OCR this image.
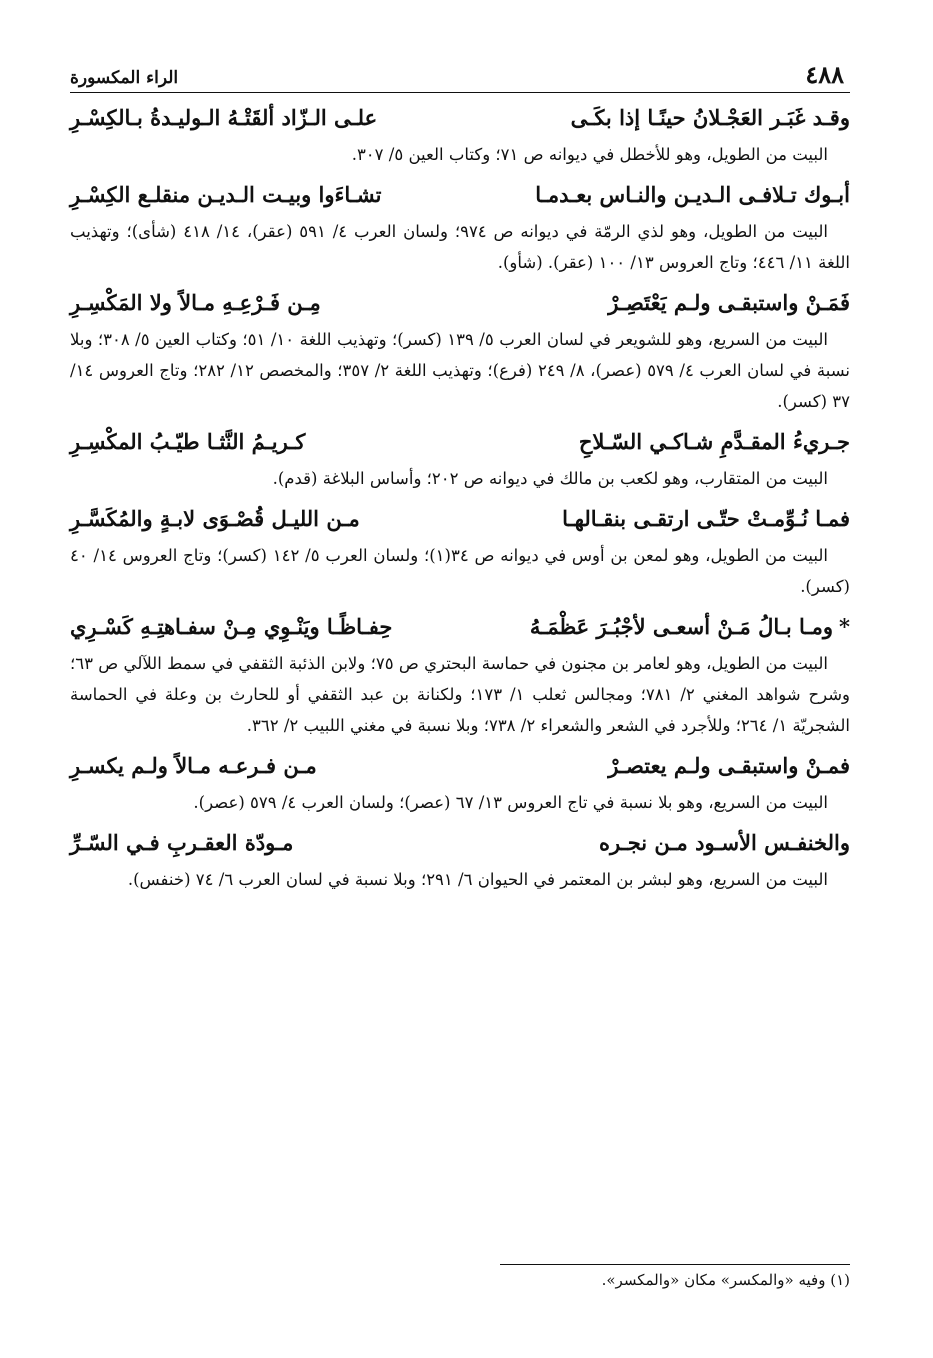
٤٨٨
الراء المكسورة
وقـد غَبَـر العَجْـلانُ حينًـا إذا بكَـى
علـى الـزّاد ألقَتْـهُ الـوليـدةُ بـالكِسْـرِ

البيت من الطويل، وهو للأخطل في ديوانه ص ٧١؛ وكتاب العين ٥/ ٣٠٧.

أبـوك تـلافـى الـديـن والنـاس بعـدمـا
تشـاءَوا وبيـت الـديـن منقلـع الكِسْـرِ

البيت من الطويل، وهو لذي الرمّة في ديوانه ص ٩٧٤؛ ولسان العرب ٤/ ٥٩١ (عقر)، ١٤/ ٤١٨ (شأى)؛ وتهذيب اللغة ١١/ ٤٤٦؛ وتاج العروس ١٣/ ١٠٠ (عقر). (شأو).

فَمَـنْ واستبقـى ولـم يَعْتَصِـرْ
مِـن فَـرْعِـهِ مـالاً ولا المَكْسِـرِ

البيت من السريع، وهو للشويعر في لسان العرب ٥/ ١٣٩ (كسر)؛ وتهذيب اللغة ١٠/ ٥١؛ وكتاب العين ٥/ ٣٠٨؛ وبلا نسبة في لسان العرب ٤/ ٥٧٩ (عصر)، ٨/ ٢٤٩ (فرع)؛ وتهذيب اللغة ٢/ ٣٥٧؛ والمخصص ١٢/ ٢٨٢؛ وتاج العروس ١٤/ ٣٧ (كسر).

جـريءُ المقـدَّمِ شـاكـي السّـلاحِ
كـريـمُ النَّثـا طيّـبُ المكْسِـرِ

البيت من المتقارب، وهو لكعب بن مالك في ديوانه ص ٢٠٢؛ وأساس البلاغة (قدم).

فمـا نُـوِّمـتْ حتّـى ارتقـى بنقـالهـا
مـن الليـل قُصْـوَى لابـةٍ والمُكَسَّـرِ

البيت من الطويل، وهو لمعن بن أوس في ديوانه ص ٣٤(١)؛ ولسان العرب ٥/ ١٤٢ (كسر)؛ وتاج العروس ١٤/ ٤٠ (كسر).

*ومـا بـالُ مَـنْ أسعـى لأجْبُـرَ عَظْمَـهُ
حِفـاظًـا ويَنْـوِي مِـنْ سفـاهتِـهِ كَسْـرِي

البيت من الطويل، وهو لعامر بن مجنون في حماسة البحتري ص ٧٥؛ ولابن الذئبة الثقفي في سمط اللآلي ص ٦٣؛ وشرح شواهد المغني ٢/ ٧٨١؛ ومجالس ثعلب ١/ ١٧٣؛ ولكنانة بن عبد الثقفي أو للحارث بن وعلة في الحماسة الشجريّة ١/ ٢٦٤؛ وللأجرد في الشعر والشعراء ٢/ ٧٣٨؛ وبلا نسبة في مغني اللبيب ٢/ ٣٦٢.

فمـنْ واستبقـى ولـم يعتصـرْ
مـن فـرعـه مـالاً ولـم يكسـرِ

البيت من السريع، وهو بلا نسبة في تاج العروس ١٣/ ٦٧ (عصر)؛ ولسان العرب ٤/ ٥٧٩ (عصر).

والخنفـس الأسـود مـن نجـره
مـودّة العقـربِ فـي السّـرِّ

البيت من السريع، وهو لبشر بن المعتمر في الحيوان ٦/ ٢٩١؛ وبلا نسبة في لسان العرب ٦/ ٧٤ (خنفس).

(١) وفيه «والمكسر» مكان «والمكسر».
